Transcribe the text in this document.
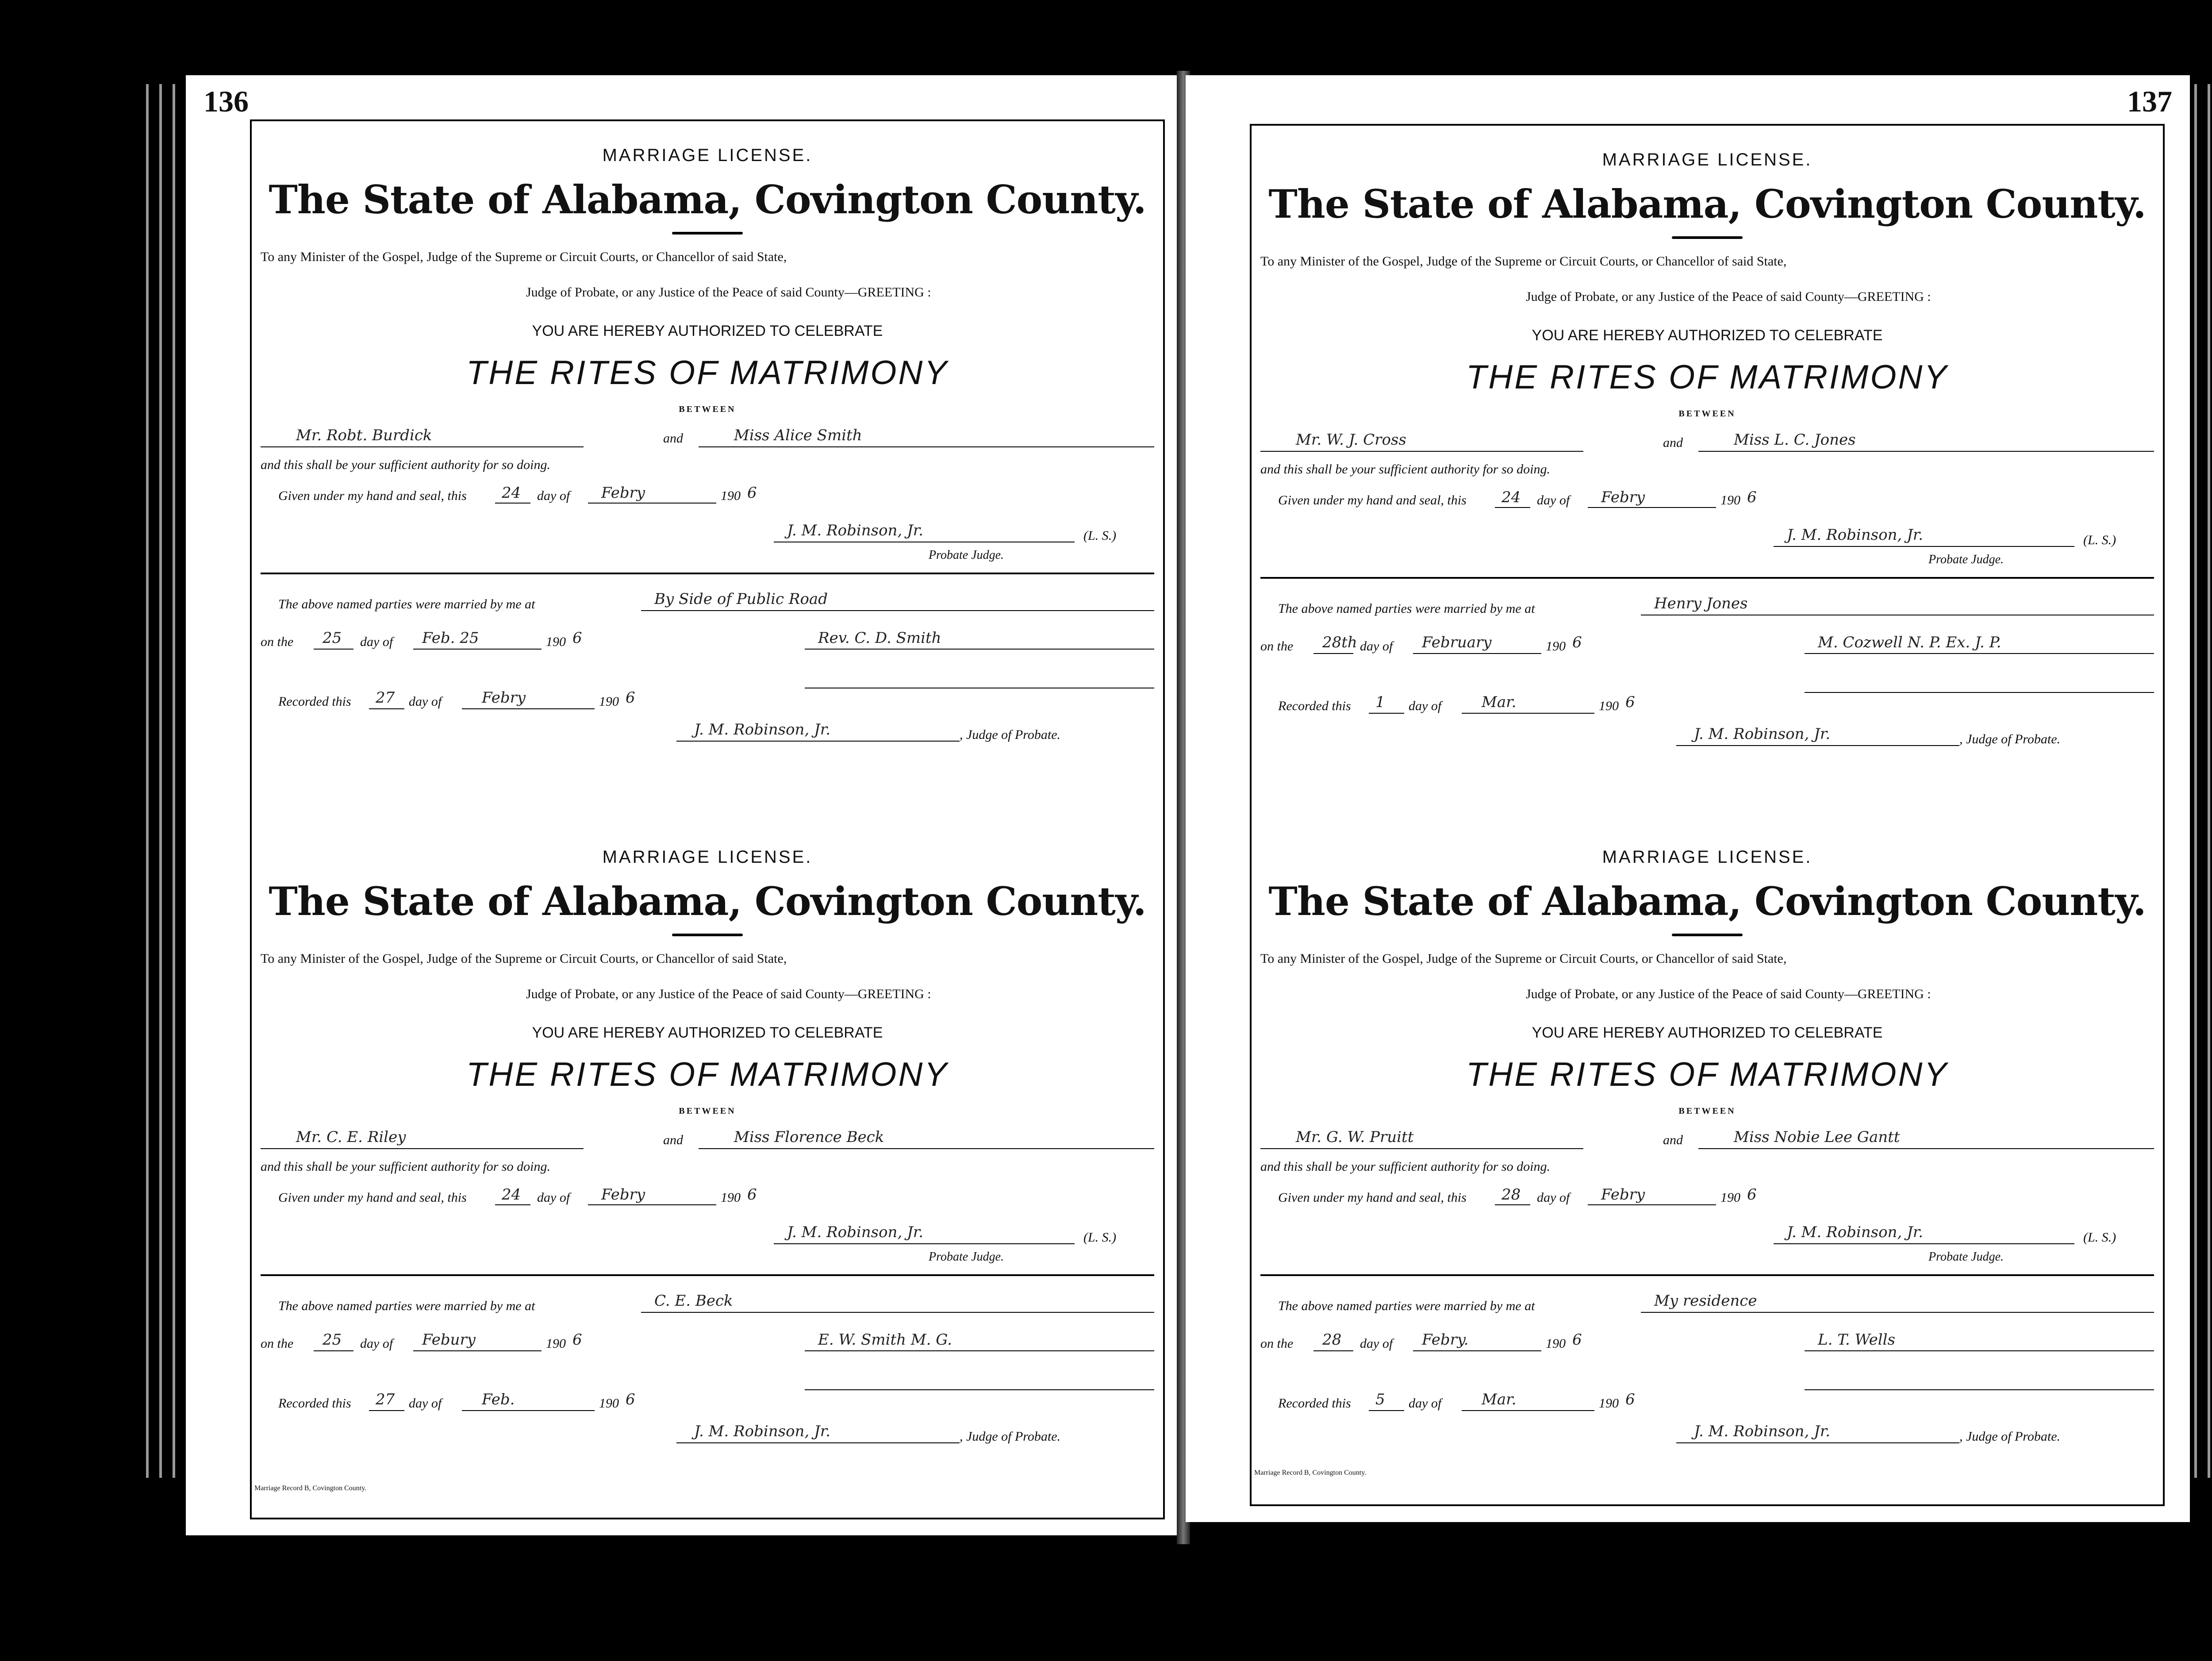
136
MARRIAGE LICENSE.
The State of Alabama, Covington County.
To any Minister of the Gospel, Judge of the Supreme or Circuit Courts, or Chancellor of said State,
Judge of Probate, or any Justice of the Peace of said County—GREETING :
YOU ARE HEREBY AUTHORIZED TO CELEBRATE
THE RITES OF MATRIMONY
BETWEEN
Mr. Robt. Burdick	and	Miss Alice Smith
and this shall be your sufficient authority for so doing.
Given under my hand and seal, this 24 day of Febry	190 6
J. M. Robinson, Jr.	(L. S.)
Probate Judge.
The above named parties were married by me at	By Side of Public Road
on the 25 day of Feb. 25	190 6	Rev. C. D. Smith
Recorded this 27 day of	Febry	190 6
J. M. Robinson, Jr.	, Judge of Probate.
MARRIAGE LICENSE.
The State of Alabama, Covington County.
To any Minister of the Gospel, Judge of the Supreme or Circuit Courts, or Chancellor of said State,
Judge of Probate, or any Justice of the Peace of said County—GREETING :
YOU ARE HEREBY AUTHORIZED TO CELEBRATE
THE RITES OF MATRIMONY
BETWEEN
Mr. C. E. Riley	and	Miss Florence Beck
and this shall be your sufficient authority for so doing.
Given under my hand and seal, this 24 day of Febry	190 6
J. M. Robinson, Jr.	(L. S.)
Probate Judge.
The above named parties were married by me at	C. E. Beck
on the 25 day of Febury	190 6	E. W. Smith M. G.
Recorded this 27 day of	Feb.	190 6
J. M. Robinson, Jr.	, Judge of Probate.
Marriage Record B, Covington County.
137
MARRIAGE LICENSE.
The State of Alabama, Covington County.
To any Minister of the Gospel, Judge of the Supreme or Circuit Courts, or Chancellor of said State,
Judge of Probate, or any Justice of the Peace of said County—GREETING :
YOU ARE HEREBY AUTHORIZED TO CELEBRATE
THE RITES OF MATRIMONY
BETWEEN
Mr. W. J. Cross	and	Miss L. C. Jones
and this shall be your sufficient authority for so doing.
Given under my hand and seal, this 24 day of Febry	190 6
J. M. Robinson, Jr.	(L. S.)
Probate Judge.
The above named parties were married by me at	Henry Jones
on the 28th day of February	190 6	M. Cozwell N. P. Ex. J. P.
Recorded this 1 day of	Mar.	190 6
J. M. Robinson, Jr.	, Judge of Probate.
MARRIAGE LICENSE.
The State of Alabama, Covington County.
To any Minister of the Gospel, Judge of the Supreme or Circuit Courts, or Chancellor of said State,
Judge of Probate, or any Justice of the Peace of said County—GREETING :
YOU ARE HEREBY AUTHORIZED TO CELEBRATE
THE RITES OF MATRIMONY
BETWEEN
Mr. G. W. Pruitt	and	Miss Nobie Lee Gantt
and this shall be your sufficient authority for so doing.
Given under my hand and seal, this 28 day of Febry	190 6
J. M. Robinson, Jr.	(L. S.)
Probate Judge.
The above named parties were married by me at	My residence
on the 28 day of Febry.	190 6	L. T. Wells
Recorded this 5 day of	Mar.	190 6
J. M. Robinson, Jr.	, Judge of Probate.
Marriage Record B, Covington County.
